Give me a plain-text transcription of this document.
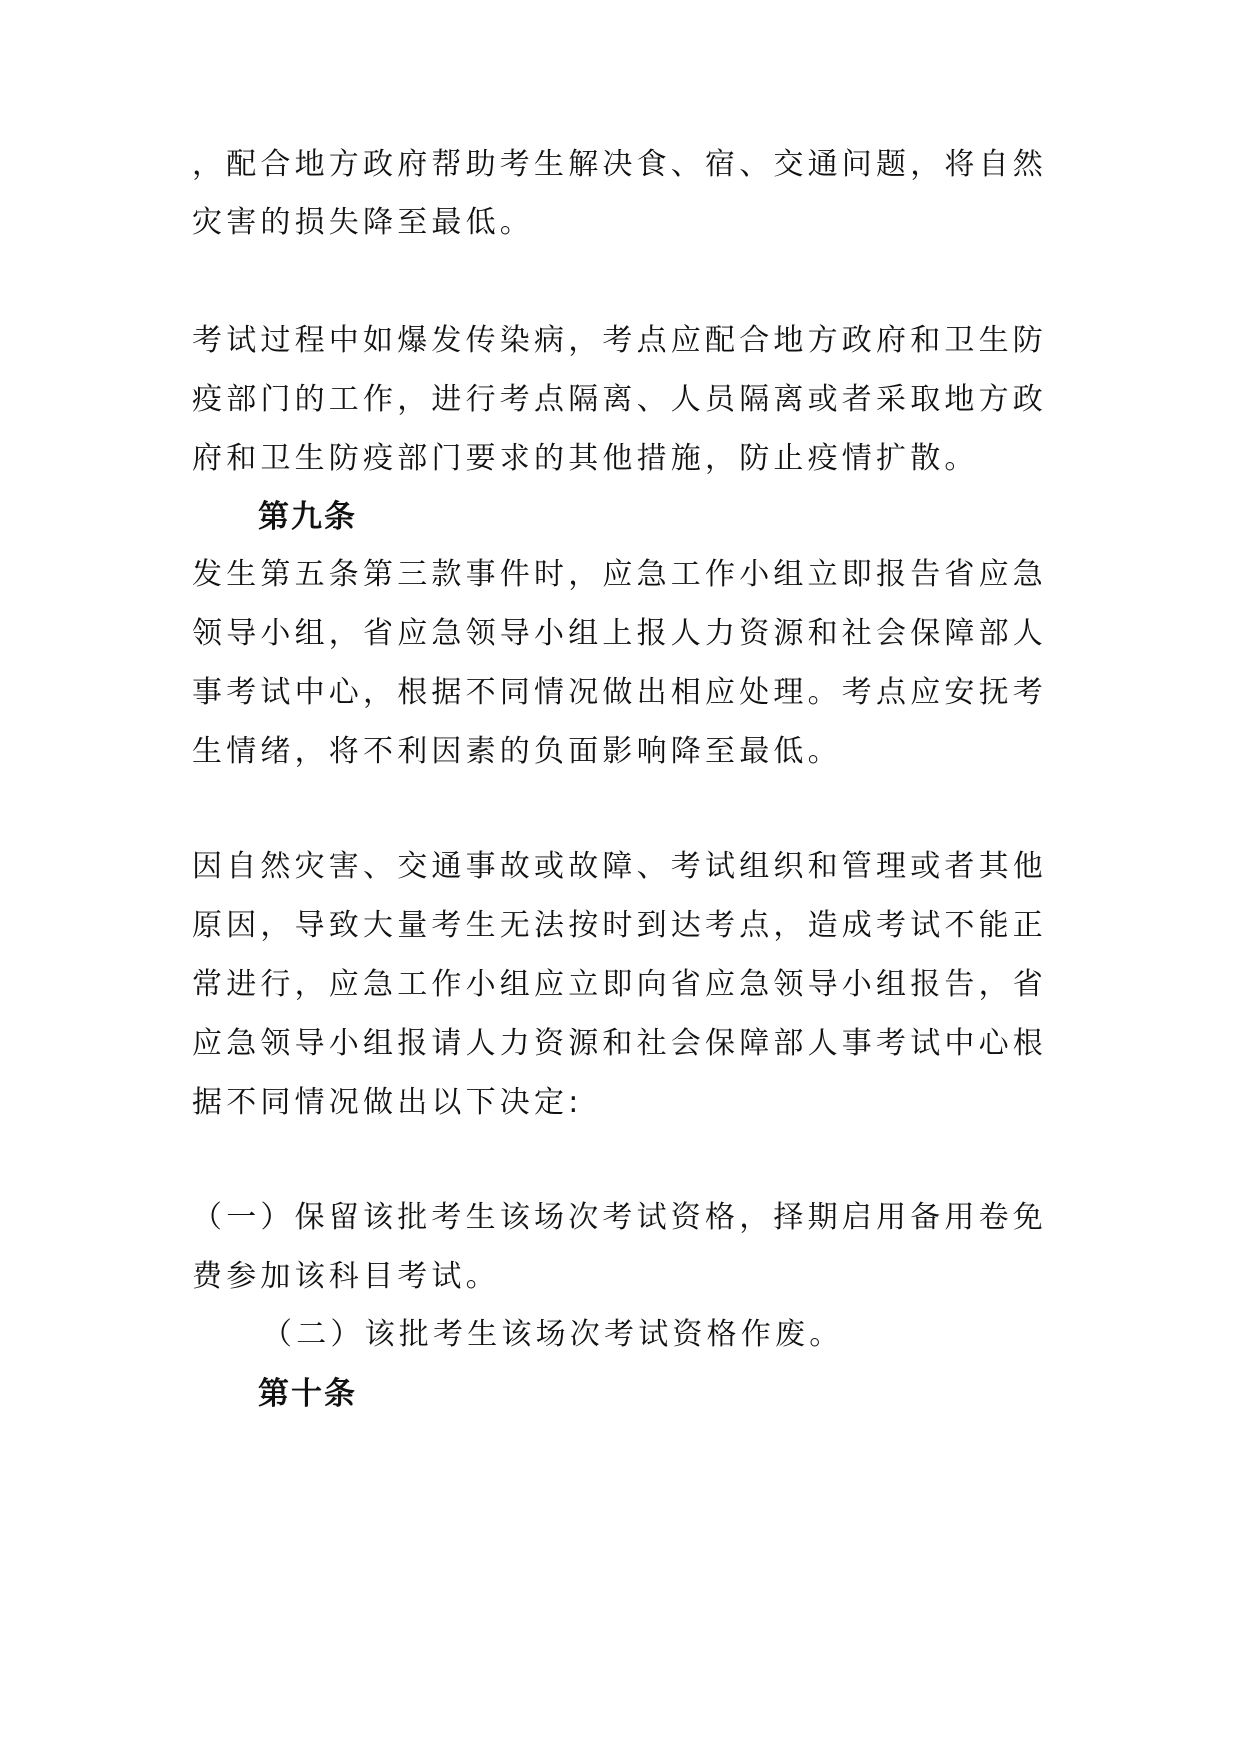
，配合地方政府帮助考生解决食、宿、交通问题，将自然
灾害的损失降至最低。
考试过程中如爆发传染病，考点应配合地方政府和卫生防
疫部门的工作，进行考点隔离、人员隔离或者采取地方政
府和卫生防疫部门要求的其他措施，防止疫情扩散。
第九条
发生第五条第三款事件时，应急工作小组立即报告省应急
领导小组，省应急领导小组上报人力资源和社会保障部人
事考试中心，根据不同情况做出相应处理。考点应安抚考
生情绪，将不利因素的负面影响降至最低。
因自然灾害、交通事故或故障、考试组织和管理或者其他
原因，导致大量考生无法按时到达考点，造成考试不能正
常进行，应急工作小组应立即向省应急领导小组报告，省
应急领导小组报请人力资源和社会保障部人事考试中心根
据不同情况做出以下决定:
（一）保留该批考生该场次考试资格，择期启用备用卷免
费参加该科目考试。
（二）该批考生该场次考试资格作废。
第十条
